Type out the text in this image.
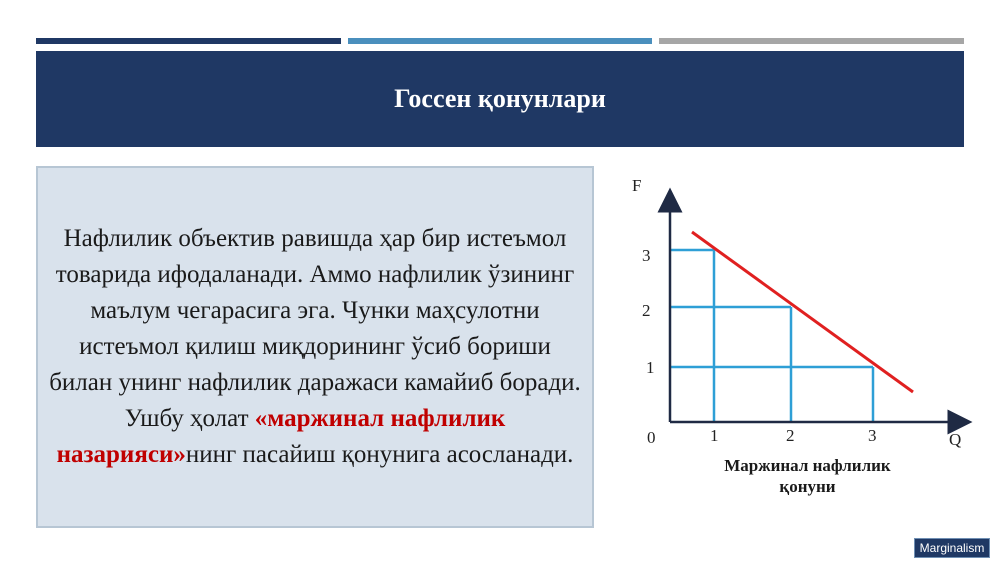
Госсен қонунлари

Нафлилик объектив равишда ҳар бир истеъмол товарида ифодаланади. Аммо нафлилик ўзининг маълум чегарасига эга. Чунки маҳсулотни истеъмол қилиш миқдорининг ўсиб бориши билан унинг нафлилик даражаси камайиб боради. Ушбу ҳолат «маржинал нафлилик назарияси»нинг пасайиш қонунига асосланади.

F
Q
0
3
2
1
1	2	3
Маржинал нафлилик
қонуни
Marginalism
